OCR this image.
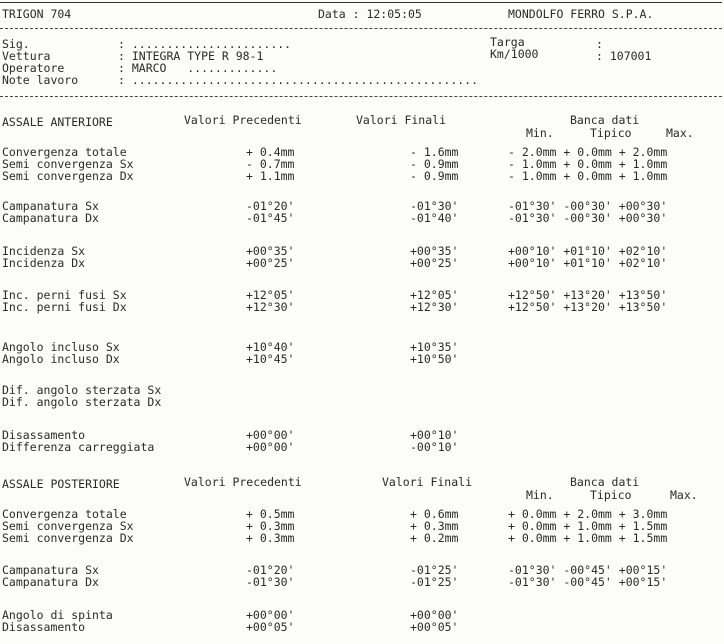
TRIGON 704	Data : 12:05:05	MONDOLFO FERRO S.P.A.
Sig.	: .......................
Vettura	: INTEGRA TYPE R 98-1
Operatore	: MARCO   .............
Note lavoro	: ..................................................
Targa	:
Km/1000	: 107001
ASSALE ANTERIORE	Valori Precedenti	Valori Finali	Banca dati
Min.	Tipico	Max.
Convergenza totale	+ 0.4mm	- 1.6mm	- 2.0mm + 0.0mm + 2.0mm
Semi convergenza Sx	- 0.7mm	- 0.9mm	- 1.0mm + 0.0mm + 1.0mm
Semi convergenza Dx	+ 1.1mm	- 0.9mm	- 1.0mm + 0.0mm + 1.0mm
Campanatura Sx	-01°20'	-01°30'	-01°30' -00°30' +00°30'
Campanatura Dx	-01°45'	-01°40'	-01°30' -00°30' +00°30'
Incidenza Sx	+00°35'	+00°35'	+00°10' +01°10' +02°10'
Incidenza Dx	+00°25'	+00°25'	+00°10' +01°10' +02°10'
Inc. perni fusi Sx	+12°05'	+12°05'	+12°50' +13°20' +13°50'
Inc. perni fusi Dx	+12°30'	+12°30'	+12°50' +13°20' +13°50'
Angolo incluso Sx	+10°40'	+10°35'
Angolo incluso Dx	+10°45'	+10°50'
Dif. angolo sterzata Sx
Dif. angolo sterzata Dx
Disassamento	+00°00'	+00°10'
Differenza carreggiata	+00°00'	-00°10'
ASSALE POSTERIORE	Valori Precedenti	Valori Finali	Banca dati
Min.	Tipico	Max.
Convergenza totale	+ 0.5mm	+ 0.6mm	+ 0.0mm + 2.0mm + 3.0mm
Semi convergenza Sx	+ 0.3mm	+ 0.3mm	+ 0.0mm + 1.0mm + 1.5mm
Semi convergenza Dx	+ 0.3mm	+ 0.2mm	+ 0.0mm + 1.0mm + 1.5mm
Campanatura Sx	-01°20'	-01°25'	-01°30' -00°45' +00°15'
Campanatura Dx	-01°30'	-01°25'	-01°30' -00°45' +00°15'
Angolo di spinta	+00°00'	+00°00'
Disassamento	+00°05'	+00°05'
